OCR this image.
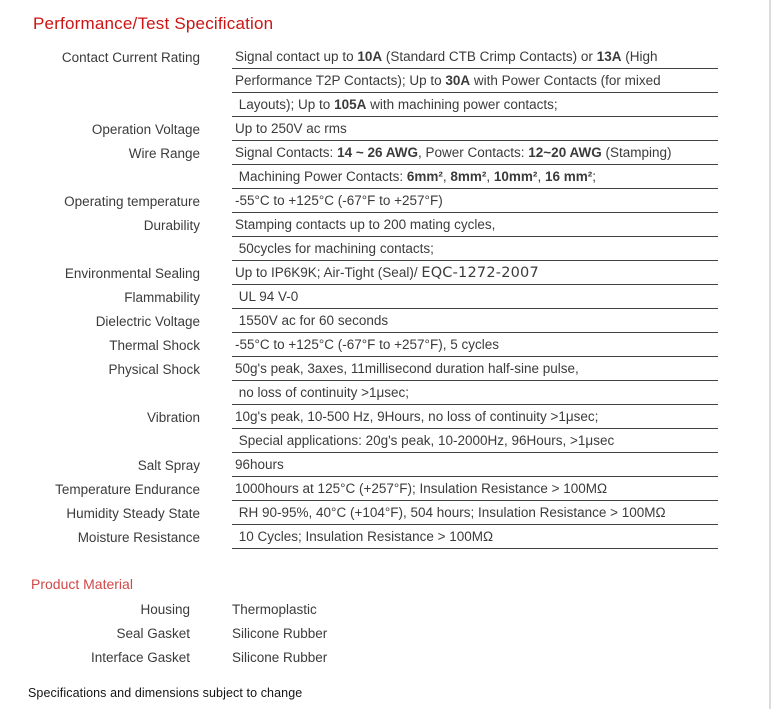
Performance/Test Specification
Contact Current Rating	Signal contact up to 10A (Standard CTB Crimp Contacts) or 13A (High
Performance T2P Contacts); Up to 30A with Power Contacts (for mixed
Layouts); Up to 105A with machining power contacts;
Operation Voltage	Up to 250V ac rms
Wire Range	Signal Contacts: 14 ~ 26 AWG, Power Contacts: 12~20 AWG (Stamping)
Machining Power Contacts: 6mm², 8mm², 10mm², 16 mm²;
Operating temperature	-55°C to +125°C (-67°F to +257°F)
Durability	Stamping contacts up to 200 mating cycles,
50cycles for machining contacts;
Environmental Sealing	Up to IP6K9K; Air-Tight (Seal)/ EQC-1272-2007
Flammability	UL 94 V-0
Dielectric Voltage	1550V ac for 60 seconds
Thermal Shock	-55°C to +125°C (-67°F to +257°F), 5 cycles
Physical Shock	50g's peak, 3axes, 11millisecond duration half-sine pulse,
no loss of continuity >1μsec;
Vibration	10g's peak, 10-500 Hz, 9Hours, no loss of continuity >1μsec;
Special applications: 20g's peak, 10-2000Hz, 96Hours, >1μsec
Salt Spray	96hours
Temperature Endurance	1000hours at 125°C (+257°F); Insulation Resistance > 100MΩ
Humidity Steady State	RH 90-95%, 40°C (+104°F), 504 hours; Insulation Resistance > 100MΩ
Moisture Resistance	10 Cycles; Insulation Resistance > 100MΩ
Product Material
Housing	Thermoplastic
Seal Gasket	Silicone Rubber
Interface Gasket	Silicone Rubber
Specifications and dimensions subject to change
